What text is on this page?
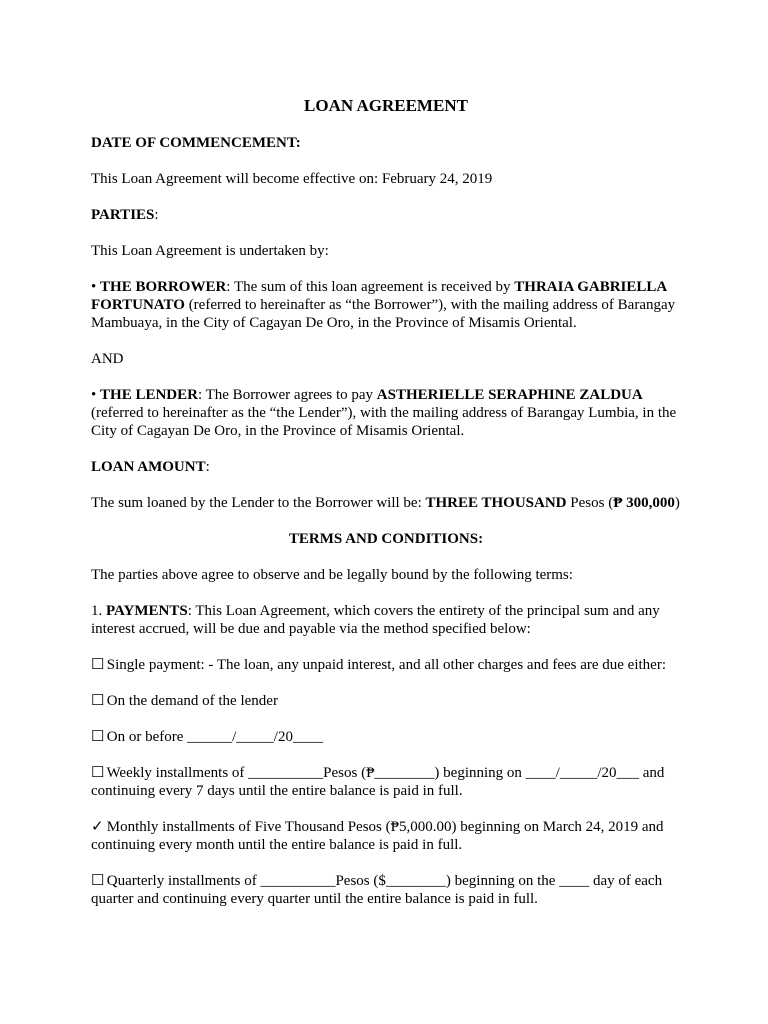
LOAN AGREEMENT

DATE OF COMMENCEMENT:

This Loan Agreement will become effective on: February 24, 2019

PARTIES:

This Loan Agreement is undertaken by:

• THE BORROWER: The sum of this loan agreement is received by THRAIA GABRIELLA FORTUNATO (referred to hereinafter as “the Borrower”), with the mailing address of Barangay Mambuaya, in the City of Cagayan De Oro, in the Province of Misamis Oriental.

AND

• THE LENDER: The Borrower agrees to pay ASTHERIELLE SERAPHINE ZALDUA (referred to hereinafter as the “the Lender”), with the mailing address of Barangay Lumbia, in the City of Cagayan De Oro, in the Province of Misamis Oriental.

LOAN AMOUNT:

The sum loaned by the Lender to the Borrower will be: THREE THOUSAND Pesos (₱ 300,000)

TERMS AND CONDITIONS:

The parties above agree to observe and be legally bound by the following terms:

1. PAYMENTS: This Loan Agreement, which covers the entirety of the principal sum and any interest accrued, will be due and payable via the method specified below:

☐ Single payment: - The loan, any unpaid interest, and all other charges and fees are due either:

☐ On the demand of the lender

☐ On or before ______/_____/20____

☐ Weekly installments of __________Pesos (₱________) beginning on ____/_____/20___ and continuing every 7 days until the entire balance is paid in full.

✓ Monthly installments of Five Thousand Pesos (₱5,000.00) beginning on March 24, 2019 and continuing every month until the entire balance is paid in full.

☐ Quarterly installments of __________Pesos ($________) beginning on the ____ day of each quarter and continuing every quarter until the entire balance is paid in full.
